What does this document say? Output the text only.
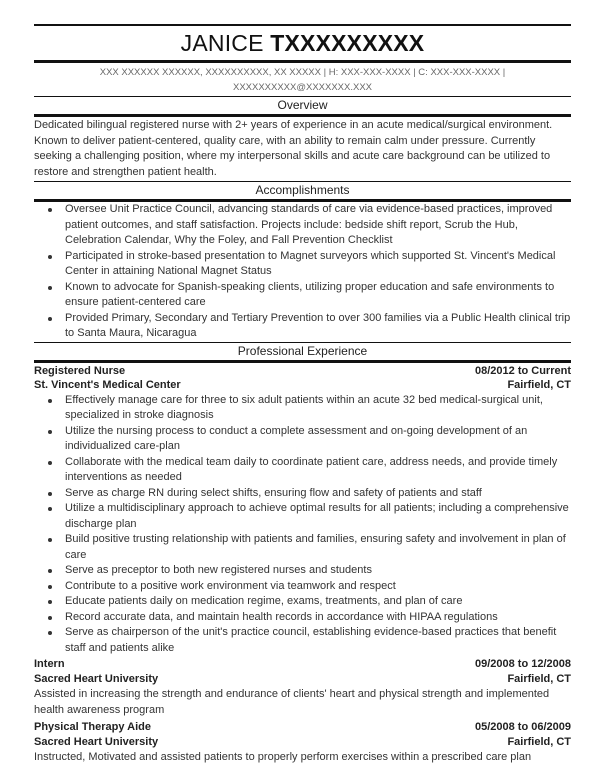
JANICE TXXXXXXXXX
XXX XXXXXX XXXXXX, XXXXXXXXXX, XX XXXXX | H: XXX-XXX-XXXX | C: XXX-XXX-XXXX |
XXXXXXXXXX@XXXXXXX.XXX
Overview
Dedicated bilingual registered nurse with 2+ years of experience in an acute medical/surgical environment. Known to deliver patient-centered, quality care, with an ability to remain calm under pressure. Currently seeking a challenging position, where my interpersonal skills and acute care background can be utilized to restore and strengthen patient health.
Accomplishments
Oversee Unit Practice Council, advancing standards of care via evidence-based practices, improved patient outcomes, and staff satisfaction. Projects include: bedside shift report, Scrub the Hub, Celebration Calendar, Why the Foley, and Fall Prevention Checklist
Participated in stroke-based presentation to Magnet surveyors which supported St. Vincent's Medical Center in attaining National Magnet Status
Known to advocate for Spanish-speaking clients, utilizing proper education and safe environments to ensure patient-centered care
Provided Primary, Secondary and Tertiary Prevention to over 300 families via a Public Health clinical trip to Santa Maura, Nicaragua
Professional Experience
Registered Nurse	08/2012 to Current
St. Vincent's Medical Center	Fairfield, CT
Effectively manage care for three to six adult patients within an acute 32 bed medical-surgical unit, specialized in stroke diagnosis
Utilize the nursing process to conduct a complete assessment and on-going development of an individualized care-plan
Collaborate with the medical team daily to coordinate patient care, address needs, and provide timely interventions as needed
Serve as charge RN during select shifts, ensuring flow and safety of patients and staff
Utilize a multidisciplinary approach to achieve optimal results for all patients; including a comprehensive discharge plan
Build positive trusting relationship with patients and families, ensuring safety and involvement in plan of care
Serve as preceptor to both new registered nurses and students
Contribute to a positive work environment via teamwork and respect
Educate patients daily on medication regime, exams, treatments, and plan of care
Record accurate data, and maintain health records in accordance with HIPAA regulations
Serve as chairperson of the unit's practice council, establishing evidence-based practices that benefit staff and patients alike
Intern	09/2008 to 12/2008
Sacred Heart University	Fairfield, CT
Assisted in increasing the strength and endurance of clients' heart and physical strength and implemented health awareness program
Physical Therapy Aide	05/2008 to 06/2009
Sacred Heart University	Fairfield, CT
Instructed, Motivated and assisted patients to properly perform exercises within a prescribed care plan
